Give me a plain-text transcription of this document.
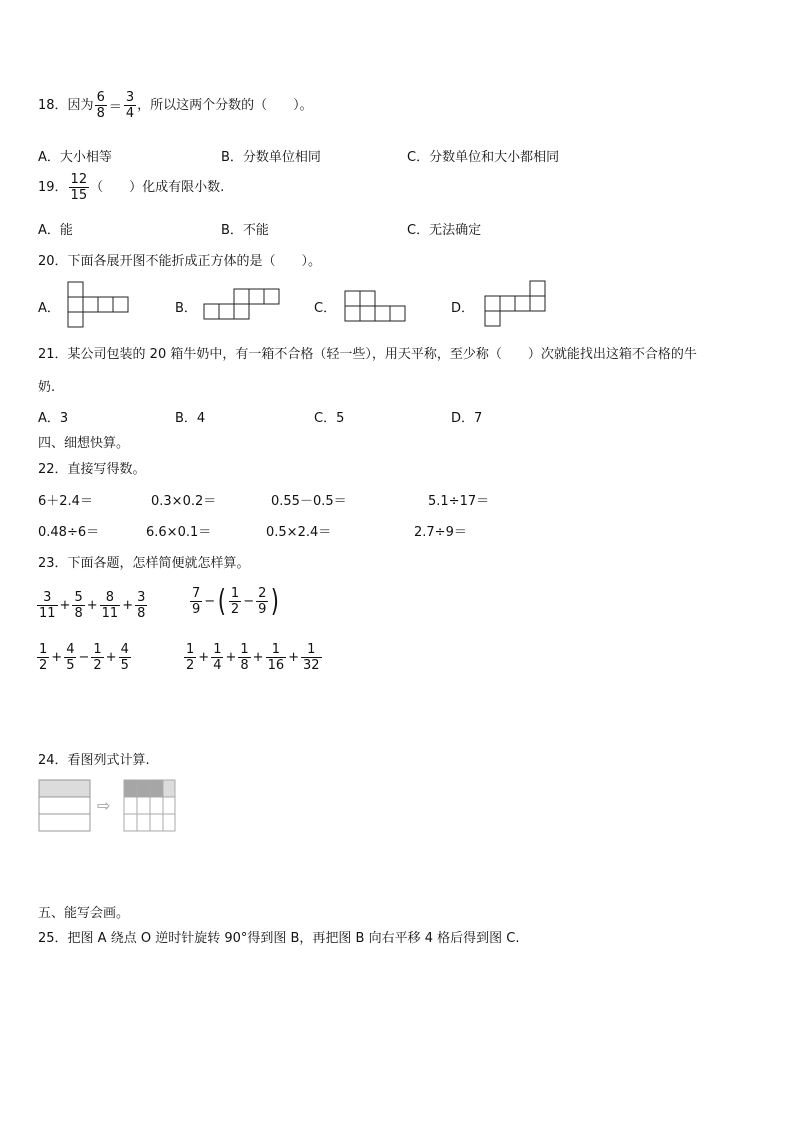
18．因为 $\frac{6}{8} = \frac{3}{4}$ ，所以这两个分数的（　　）。
A．大小相等	B．分数单位相同	C．分数单位和大小都相同
19． $\frac{12}{15}$ （　　）化成有限小数.
A．能	B．不能	C．无法确定
20．下面各展开图不能折成正方体的是（　　）。
A．	B．	C．	D．
21．某公司包装的 20 箱牛奶中，有一箱不合格（轻一些），用天平称，至少称（　　）次就能找出这箱不合格的牛
奶.
A．3	B．4	C．5	D．7
四、细想快算。
22．直接写得数。
6＋2.4＝	0.3×0.2＝	0.55－0.5＝	5.1÷17＝
0.48÷6＝	6.6×0.1＝	0.5×2.4＝	2.7÷9＝
23．下面各题，怎样简便就怎样算。
$\frac{3}{11} + \frac{5}{8} + \frac{8}{11} + \frac{3}{8}$	$\frac{7}{9}$ −( $\frac{1}{2} - \frac{2}{9}$ )
$\frac{1}{2} + \frac{4}{5} - \frac{1}{2} + \frac{4}{5}$	$\frac{1}{2} + \frac{1}{4} + \frac{1}{8} + \frac{1}{16} + \frac{1}{32}$
24．看图列式计算.
⇨
五、能写会画。
25．把图 A 绕点 O 逆时针旋转 90°得到图 B，再把图 B 向右平移 4 格后得到图 C.
